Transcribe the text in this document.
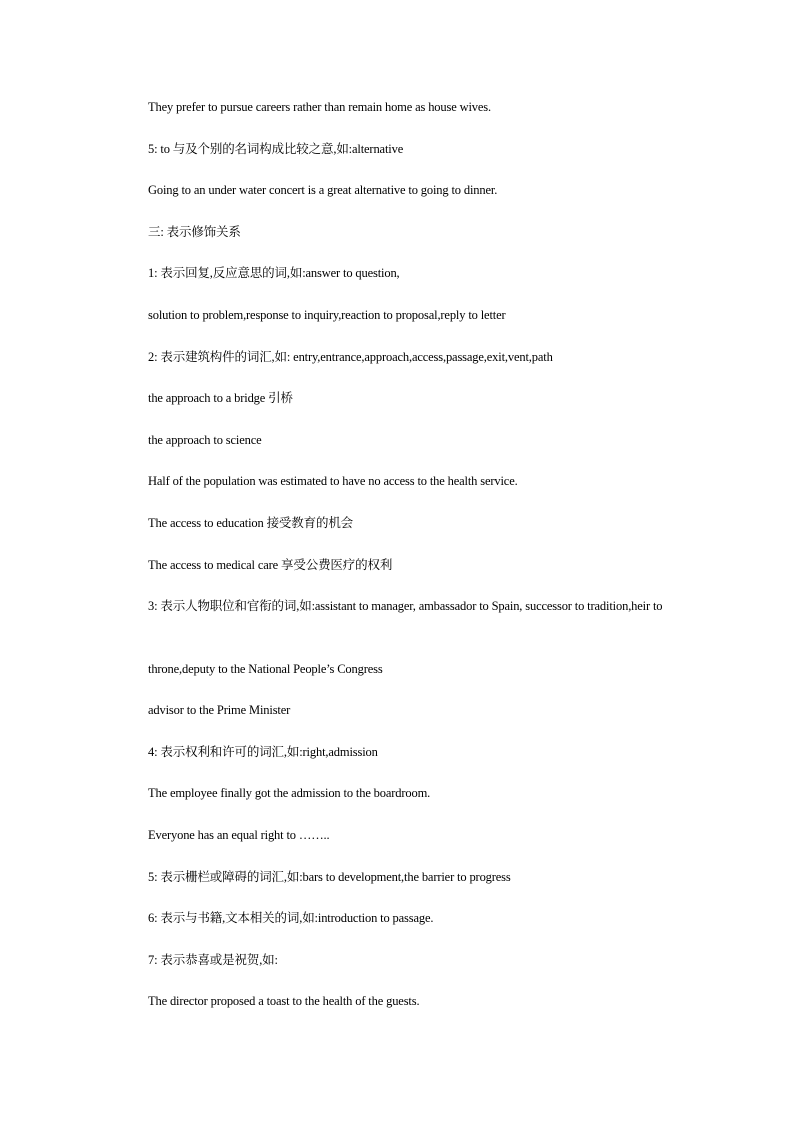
They prefer to pursue careers rather than remain home as house wives.
5: to 与及个别的名词构成比较之意,如:alternative
Going to an under water concert is a great alternative to going to dinner.
三: 表示修饰关系
1: 表示回复,反应意思的词,如:answer to question,
solution to problem,response to inquiry,reaction to proposal,reply to letter
2: 表示建筑构件的词汇,如: entry,entrance,approach,access,passage,exit,vent,path
the approach to a bridge 引桥
the approach to science
Half of the population was estimated to have no access to the health service.
The access to education 接受教育的机会
The access to medical care 享受公费医疗的权利
3: 表示人物职位和官衔的词,如:assistant to manager, ambassador to Spain, successor to tradition,heir to
throne,deputy to the National People’s Congress
advisor to the Prime Minister
4: 表示权利和许可的词汇,如:right,admission
The employee finally got the admission to the boardroom.
Everyone has an equal right to ……..
5: 表示栅栏或障碍的词汇,如:bars to development,the barrier to progress
6: 表示与书籍,文本相关的词,如:introduction to passage.
7: 表示恭喜或是祝贺,如:
The director proposed a toast to the health of the guests.
